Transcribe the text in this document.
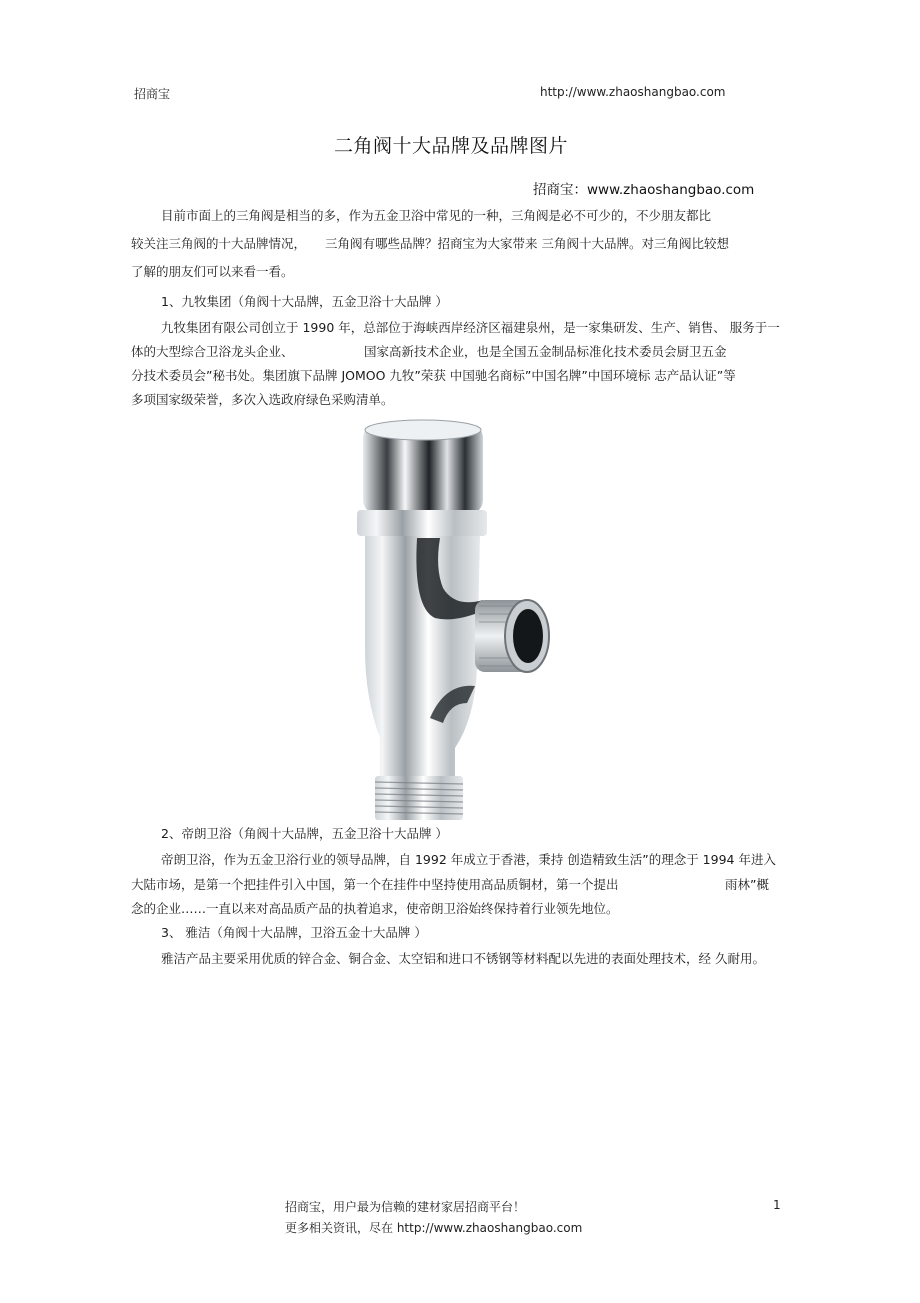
招商宝	http://www.zhaoshangbao.com
二角阀十大品牌及品牌图片
招商宝：www.zhaoshangbao.com
目前市面上的三角阀是相当的多，作为五金卫浴中常见的一种，三角阀是必不可少的，不少朋友都比
较关注三角阀的十大品牌情况， 三角阀有哪些品牌？招商宝为大家带来 三角阀十大品牌。对三角阀比较想
了解的朋友们可以来看一看。
1、九牧集团（角阀十大品牌，五金卫浴十大品牌 ）
九牧集团有限公司创立于 1990 年，总部位于海峡西岸经济区福建泉州，是一家集研发、生产、销售、 服务于一
体的大型综合卫浴龙头企业、	国家高新技术企业，也是全国五金制品标准化技术委员会厨卫五金
分技术委员会”秘书处。集团旗下品牌 JOMOO 九牧”荣获 中国驰名商标”中国名牌”中国环境标 志产品认证”等
多项国家级荣誉，多次入选政府绿色采购清单。
2、帝朗卫浴（角阀十大品牌，五金卫浴十大品牌 ）
帝朗卫浴，作为五金卫浴行业的领导品牌，自 1992 年成立于香港，秉持 创造精致生活”的理念于 1994 年进入
大陆市场，是第一个把挂件引入中国，第一个在挂件中坚持使用高品质铜材，第一个提出	雨林”概
念的企业……一直以来对高品质产品的执着追求，使帝朗卫浴始终保持着行业领先地位。
3、 雅洁（角阀十大品牌，卫浴五金十大品牌 ）
雅洁产品主要采用优质的锌合金、铜合金、太空铝和进口不锈钢等材料配以先进的表面处理技术，经 久耐用。
招商宝，用户最为信赖的建材家居招商平台！
更多相关资讯，尽在 http://www.zhaoshangbao.com
1
